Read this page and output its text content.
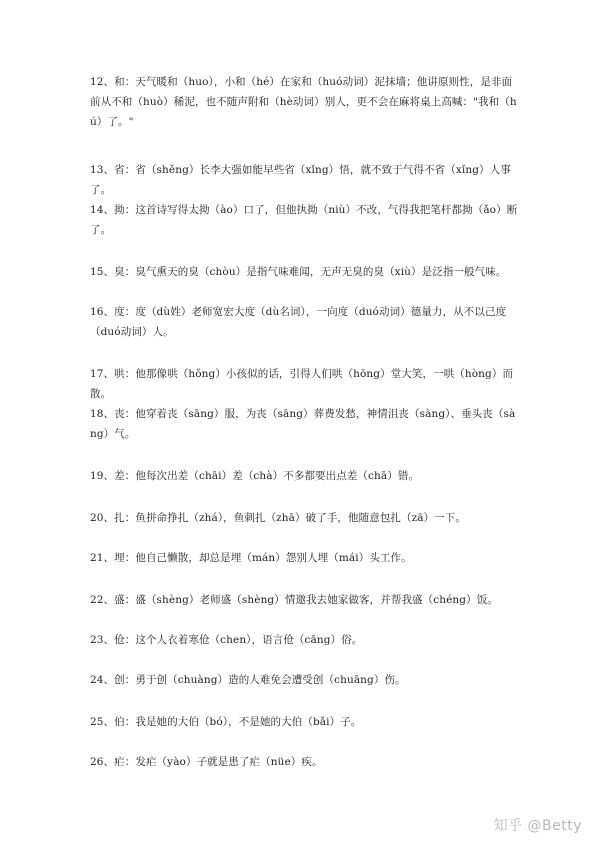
12、和：天气暖和（huo），小和（hé）在家和（huó动词）泥抹墙；他讲原则性，是非面前从不和（huò）稀泥，也不随声附和（hè动词）别人，更不会在麻将桌上高喊："我和（hú）了。"
13、省：省（shěng）长李大强如能早些省（xǐng）悟，就不致于气得不省（xǐng）人事了。
14、拗：这首诗写得太拗（ào）口了，但他执拗（niù）不改，气得我把笔杆都拗（ǎo）断了。
15、臭：臭气熏天的臭（chòu）是指气味难闻，无声无臭的臭（xiù）是泛指一般气味。
16、度：度（dù姓）老师宽宏大度（dù名词），一向度（duó动词）德量力，从不以己度（duó动词）人。
17、哄：他那像哄（hǒng）小孩似的话，引得人们哄（hōng）堂大笑，一哄（hòng）而散。
18、丧：他穿着丧（sāng）服，为丧（sāng）葬费发愁，神情沮丧（sàng）、垂头丧（sàng）气。
19、差：他每次出差（chāi）差（chà）不多都要出点差（chā）错。
20、扎：鱼拼命挣扎（zhá），鱼刺扎（zhā）破了手，他随意包扎（zā）一下。
21、埋：他自己懒散，却总是埋（mán）怨别人埋（mái）头工作。
22、盛：盛（shèng）老师盛（shèng）情邀我去她家做客，并帮我盛（chéng）饭。
23、伧：这个人衣着寒伧（chen），语言伧（cāng）俗。
24、创：勇于创（chuàng）造的人难免会遭受创（chuāng）伤。
25、伯：我是她的大伯（bó），不是她的大伯（bǎi）子。
26、疟：发疟（yào）子就是患了疟（nüe）疾。
知乎 @Betty
